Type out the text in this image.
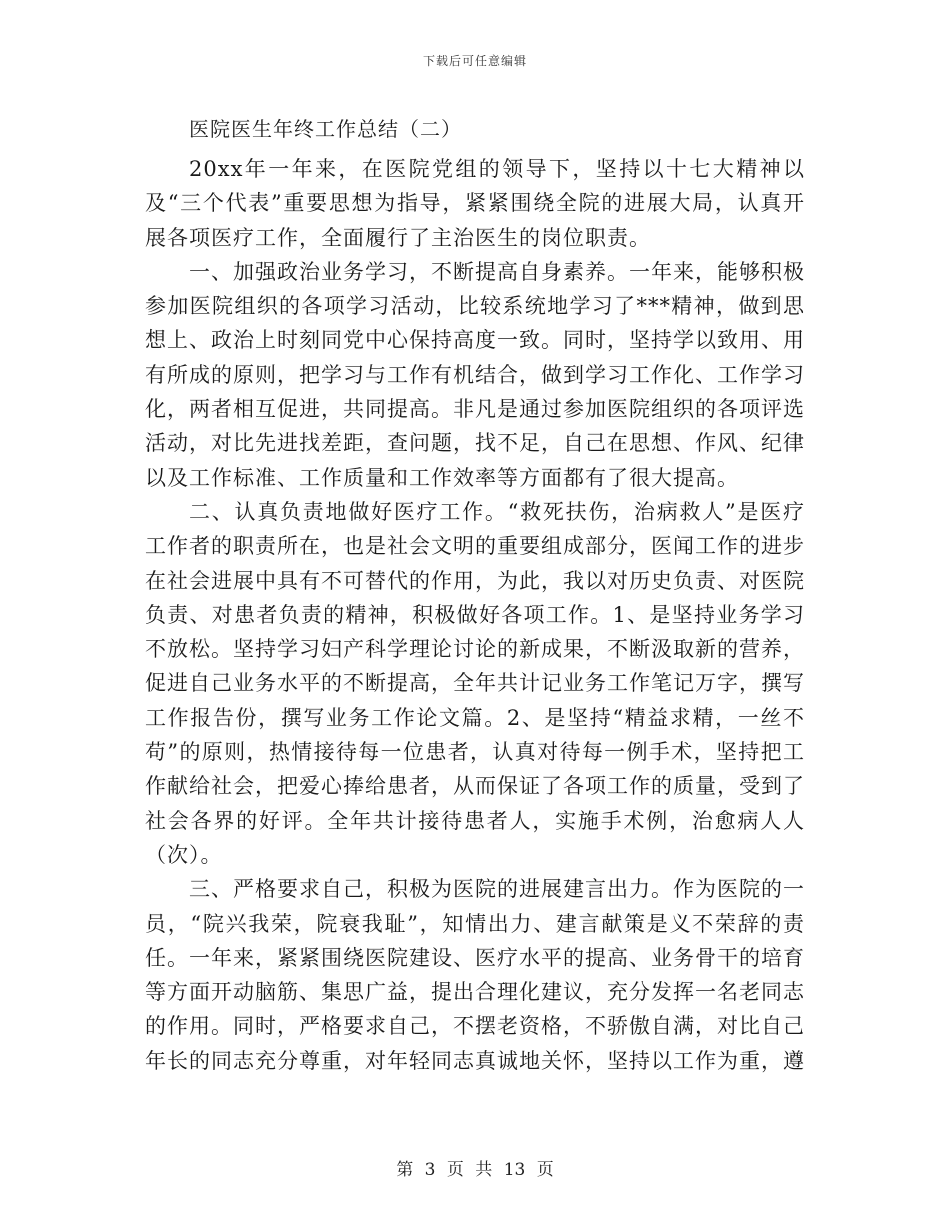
下载后可任意编辑
医院医生年终工作总结（二）

20xx年一年来，在医院党组的领导下，坚持以十七大精神以及“三个代表”重要思想为指导，紧紧围绕全院的进展大局，认真开展各项医疗工作，全面履行了主治医生的岗位职责。

一、加强政治业务学习，不断提高自身素养。一年来，能够积极参加医院组织的各项学习活动，比较系统地学习了***精神，做到思想上、政治上时刻同党中心保持高度一致。同时，坚持学以致用、用有所成的原则，把学习与工作有机结合，做到学习工作化、工作学习化，两者相互促进，共同提高。非凡是通过参加医院组织的各项评选活动，对比先进找差距，查问题，找不足，自己在思想、作风、纪律以及工作标准、工作质量和工作效率等方面都有了很大提高。

二、认真负责地做好医疗工作。“救死扶伤，治病救人”是医疗工作者的职责所在，也是社会文明的重要组成部分，医闻工作的进步在社会进展中具有不可替代的作用，为此，我以对历史负责、对医院负责、对患者负责的精神，积极做好各项工作。1、是坚持业务学习不放松。坚持学习妇产科学理论讨论的新成果，不断汲取新的营养，促进自己业务水平的不断提高，全年共计记业务工作笔记万字，撰写工作报告份，撰写业务工作论文篇。2、是坚持“精益求精，一丝不苟”的原则，热情接待每一位患者，认真对待每一例手术，坚持把工作献给社会，把爱心捧给患者，从而保证了各项工作的质量，受到了社会各界的好评。全年共计接待患者人，实施手术例，治愈病人人（次）。

三、严格要求自己，积极为医院的进展建言出力。作为医院的一员，“院兴我荣，院衰我耻”，知情出力、建言献策是义不荣辞的责任。一年来，紧紧围绕医院建设、医疗水平的提高、业务骨干的培育等方面开动脑筋、集思广益，提出合理化建议，充分发挥一名老同志的作用。同时，严格要求自己，不摆老资格，不骄傲自满，对比自己年长的同志充分尊重，对年轻同志真诚地关怀，坚持以工作为重，遵

第 3 页 共 13 页
